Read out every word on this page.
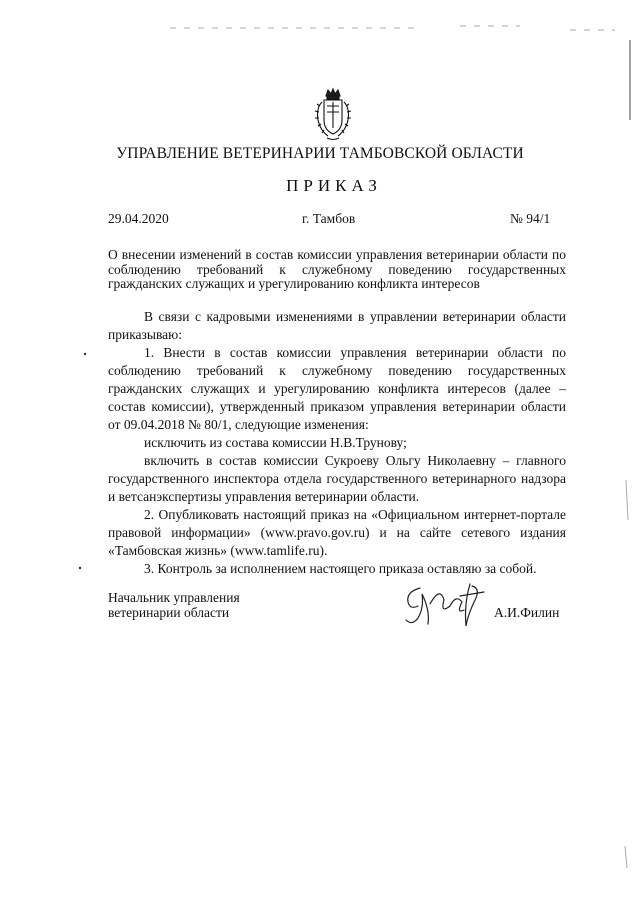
УПРАВЛЕНИЕ ВЕТЕРИНАРИИ ТАМБОВСКОЙ ОБЛАСТИ
ПРИКАЗ
29.04.2020	г. Тамбов	№ 94/1
О внесении изменений в состав комиссии управления ветеринарии области по соблюдению требований к служебному поведению государственных гражданских служащих и урегулированию конфликта интересов

В связи с кадровыми изменениями в управлении ветеринарии области приказываю:

1. Внести в состав комиссии управления ветеринарии области по соблюдению требований к служебному поведению государственных гражданских служащих и урегулированию конфликта интересов (далее – состав комиссии), утвержденный приказом управления ветеринарии области от 09.04.2018 № 80/1, следующие изменения:

исключить из состава комиссии Н.В.Трунову;

включить в состав комиссии Сукроеву Ольгу Николаевну – главного государственного инспектора отдела государственного ветеринарного надзора и ветсанэкспертизы управления ветеринарии области.

2. Опубликовать настоящий приказ на «Официальном интернет-портале правовой информации» (www.pravo.gov.ru) и на сайте сетевого издания «Тамбовская жизнь» (www.tamlife.ru).

3. Контроль за исполнением настоящего приказа оставляю за собой.

Начальник управления
ветеринарии области	А.И.Филин
